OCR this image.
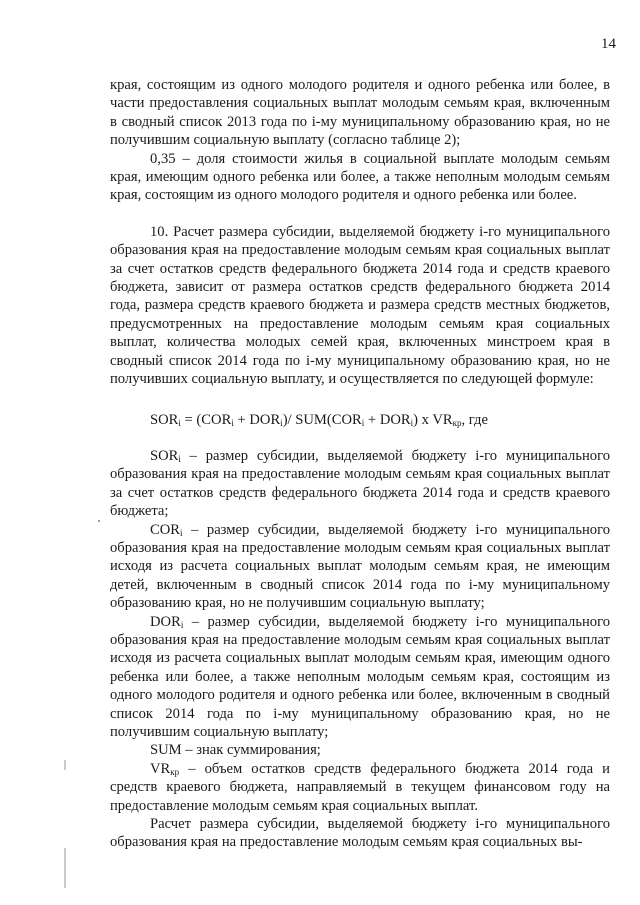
14

края, состоящим из одного молодого родителя и одного ребенка или более, в части предоставления социальных выплат молодым семьям края, включенным в сводный список 2013 года по i-му муниципальному образованию края, но не получившим социальную выплату (согласно таблице 2);

0,35 – доля стоимости жилья в социальной выплате молодым семьям края, имеющим одного ребенка или более, а также неполным молодым семьям края, состоящим из одного молодого родителя и одного ребенка или более.

10. Расчет размера субсидии, выделяемой бюджету i-го муниципального образования края на предоставление молодым семьям края социальных выплат за счет остатков средств федерального бюджета 2014 года и средств краевого бюджета, зависит от размера остатков средств федерального бюджета 2014 года, размера средств краевого бюджета и размера средств местных бюджетов, предусмотренных на предоставление молодым семьям края социальных выплат, количества молодых семей края, включенных минстроем края в сводный список 2014 года по i-му муниципальному образованию края, но не получивших социальную выплату, и осуществляется по следующей формуле:

$SOR_i = (COR_i + DOR_i)/$ $SUM(COR_i + DOR_i)$ x $VR_{кр}$, где

$SOR_i$ – размер субсидии, выделяемой бюджету i-го муниципального образования края на предоставление молодым семьям края социальных выплат за счет остатков средств федерального бюджета 2014 года и средств краевого бюджета;

$COR_i$ – размер субсидии, выделяемой бюджету i-го муниципального образования края на предоставление молодым семьям края социальных выплат исходя из расчета социальных выплат молодым семьям края, не имеющим детей, включенным в сводный список 2014 года по i-му муниципальному образованию края, но не получившим социальную выплату;

$DOR_i$ – размер субсидии, выделяемой бюджету i-го муниципального образования края на предоставление молодым семьям края социальных выплат исходя из расчета социальных выплат молодым семьям края, имеющим одного ребенка или более, а также неполным молодым семьям края, состоящим из одного молодого родителя и одного ребенка или более, включенным в сводный список 2014 года по i-му муниципальному образованию края, но не получившим социальную выплату;

SUM – знак суммирования;

$VR_{кр}$ – объем остатков средств федерального бюджета 2014 года и средств краевого бюджета, направляемый в текущем финансовом году на предоставление молодым семьям края социальных выплат.

Расчет размера субсидии, выделяемой бюджету i-го муниципального образования края на предоставление молодым семьям края социальных вы-
